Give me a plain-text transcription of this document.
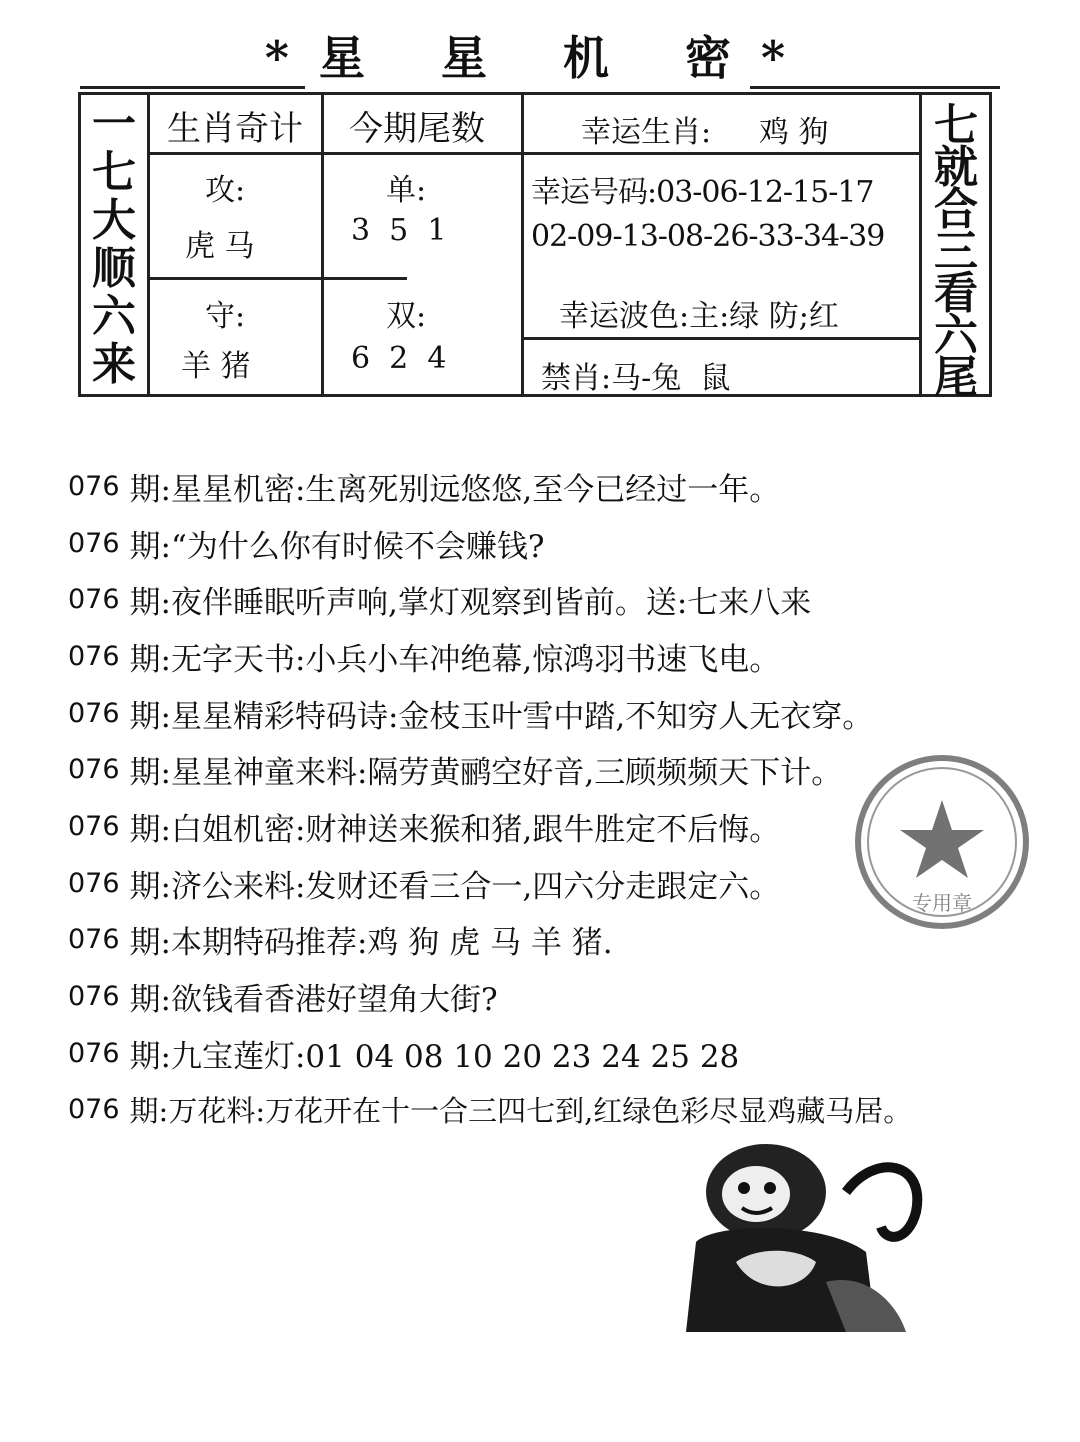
*星 星 机 密*
一
七
大
顺
六
来
七
就
合
三
看
六
尾
生肖奇计 今期尾数	幸运生肖: 鸡 狗
攻:
虎 马
守:
羊 猪
单:
3  5  1
双:
6  2  4
幸运号码:03-06-12-15-17
02-09-13-08-26-33-34-39
幸运波色:主:绿 防;红
禁肖:马-兔  鼠
076 期:星星机密:生离死别远悠悠,至今已经过一年。
076 期:“为什么你有时候不会赚钱?
076 期:夜伴睡眠听声响,掌灯观察到皆前。送:七来八来
076 期:无字天书:小兵小车冲绝幕,惊鸿羽书速飞电。
076 期:星星精彩特码诗:金枝玉叶雪中踏,不知穷人无衣穿。
076 期:星星神童来料:隔劳黄鹂空好音,三顾频频天下计。
076 期:白姐机密:财神送来猴和猪,跟牛胜定不后悔。
076 期:济公来料:发财还看三合一,四六分走跟定六。
076 期:本期特码推荐:鸡 狗 虎 马 羊 猪.
076 期:欲钱看香港好望角大街?
076 期:九宝莲灯:01 04 08 10 20 23 24 25 28
076 期:万花料:万花开在十一合三四七到,红绿色彩尽显鸡藏马居。
专用章
